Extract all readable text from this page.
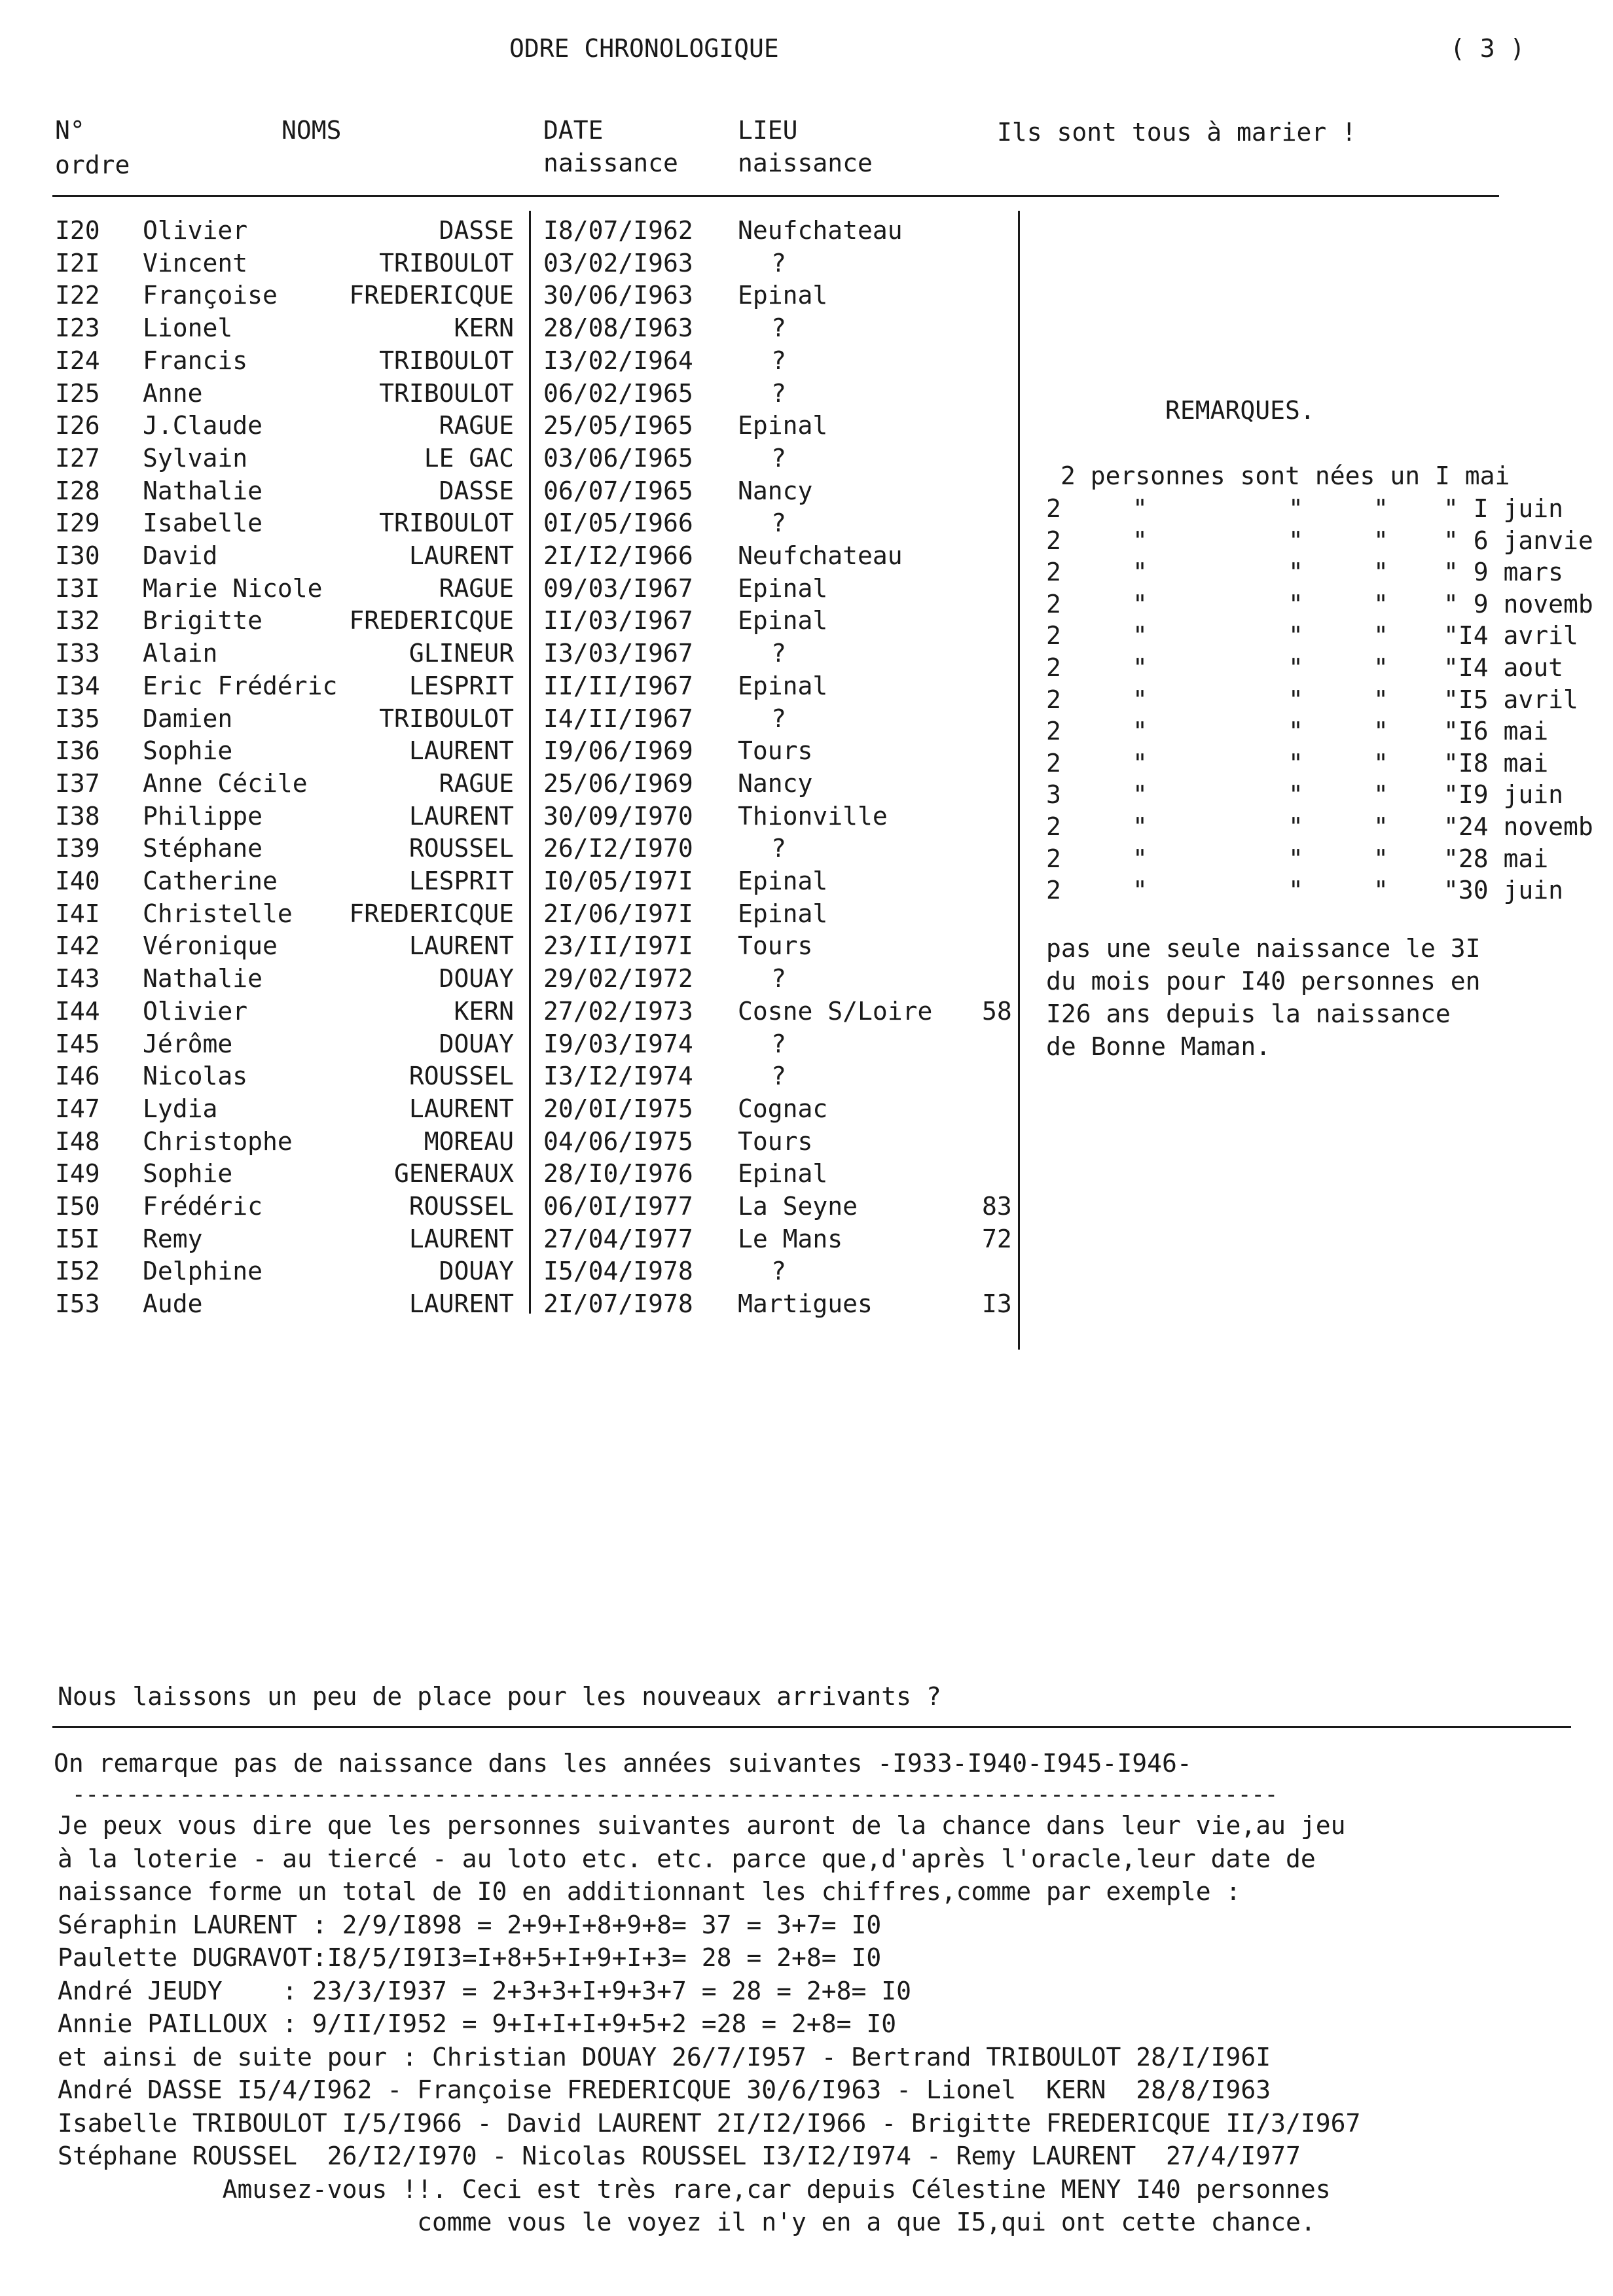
ODRE CHRONOLOGIQUE	( 3 )
N°
ordre
NOMS	DATE
naissance
LIEU
naissance
Ils sont tous à marier !
I20 Olivier	DASSE I8/07/I962 Neufchateau
I2I Vincent	TRIBOULOT 03/02/I963	?
I22 Françoise	FREDERICQUE 30/06/I963 Epinal
I23 Lionel	KERN 28/08/I963	?
I24 Francis	TRIBOULOT I3/02/I964	?
I25 Anne	TRIBOULOT 06/02/I965	?
I26 J.Claude	RAGUE 25/05/I965 Epinal
I27 Sylvain	LE GAC 03/06/I965	?
I28 Nathalie	DASSE 06/07/I965 Nancy
I29 Isabelle	TRIBOULOT 0I/05/I966	?
I30 David	LAURENT 2I/I2/I966 Neufchateau
I3I Marie Nicole	RAGUE 09/03/I967 Epinal
I32 Brigitte	FREDERICQUE II/03/I967 Epinal
I33 Alain	GLINEUR I3/03/I967	?
I34 Eric Frédéric	LESPRIT II/II/I967 Epinal
I35 Damien	TRIBOULOT I4/II/I967	?
I36 Sophie	LAURENT I9/06/I969 Tours
I37 Anne Cécile	RAGUE 25/06/I969 Nancy
I38 Philippe	LAURENT 30/09/I970 Thionville
I39 Stéphane	ROUSSEL 26/I2/I970	?
I40 Catherine	LESPRIT I0/05/I97I Epinal
I4I Christelle FREDERICQUE 2I/06/I97I Epinal
I42 Véronique	LAURENT 23/II/I97I Tours
I43 Nathalie	DOUAY 29/02/I972	?
I44 Olivier	KERN 27/02/I973 Cosne S/Loire 58
I45 Jérôme	DOUAY I9/03/I974	?
I46 Nicolas	ROUSSEL I3/I2/I974	?
I47 Lydia	LAURENT 20/0I/I975 Cognac
I48 Christophe	MOREAU 04/06/I975 Tours
I49 Sophie	GENERAUX 28/I0/I976 Epinal
I50 Frédéric	ROUSSEL 06/0I/I977 La Seyne	83
I5I Remy	LAURENT 27/04/I977 Le Mans	72
I52 Delphine	DOUAY I5/04/I978	?
I53 Aude	LAURENT 2I/07/I978 Martigues	I3
REMARQUES.
2 personnes sont nées un I mai
2	"	"	" " I juin
2	"	"	" " 6 janvie
2	"	"	" " 9 mars
2	"	"	" " 9 novemb
2	"	"	" "I4 avril
2	"	"	" "I4 aout
2	"	"	" "I5 avril
2	"	"	" "I6 mai
2	"	"	" "I8 mai
3	"	"	" "I9 juin
2	"	"	" "24 novemb
2	"	"	" "28 mai
2	"	"	" "30 juin
pas une seule naissance le 3I
du mois pour I40 personnes en
I26 ans depuis la naissance
de Bonne Maman.
Nous laissons un peu de place pour les nouveaux arrivants ?
On remarque pas de naissance dans les années suivantes -I933-I940-I945-I946-
------------------------------------------------------------------------------------------
Je peux vous dire que les personnes suivantes auront de la chance dans leur vie,au jeu
à la loterie - au tiercé - au loto etc. etc. parce que,d'après l'oracle,leur date de
naissance forme un total de I0 en additionnant les chiffres,comme par exemple :
Séraphin LAURENT : 2/9/I898 = 2+9+I+8+9+8= 37 = 3+7= I0
Paulette DUGRAVOT:I8/5/I9I3=I+8+5+I+9+I+3= 28 = 2+8= I0
André JEUDY    : 23/3/I937 = 2+3+3+I+9+3+7 = 28 = 2+8= I0
Annie PAILLOUX : 9/II/I952 = 9+I+I+I+9+5+2 =28 = 2+8= I0
et ainsi de suite pour : Christian DOUAY 26/7/I957 - Bertrand TRIBOULOT 28/I/I96I
André DASSE I5/4/I962 - Françoise FREDERICQUE 30/6/I963 - Lionel  KERN  28/8/I963
Isabelle TRIBOULOT I/5/I966 - David LAURENT 2I/I2/I966 - Brigitte FREDERICQUE II/3/I967
Stéphane ROUSSEL  26/I2/I970 - Nicolas ROUSSEL I3/I2/I974 - Remy LAURENT  27/4/I977
Amusez-vous !!. Ceci est très rare,car depuis Célestine MENY I40 personnes
comme vous le voyez il n'y en a que I5,qui ont cette chance.
